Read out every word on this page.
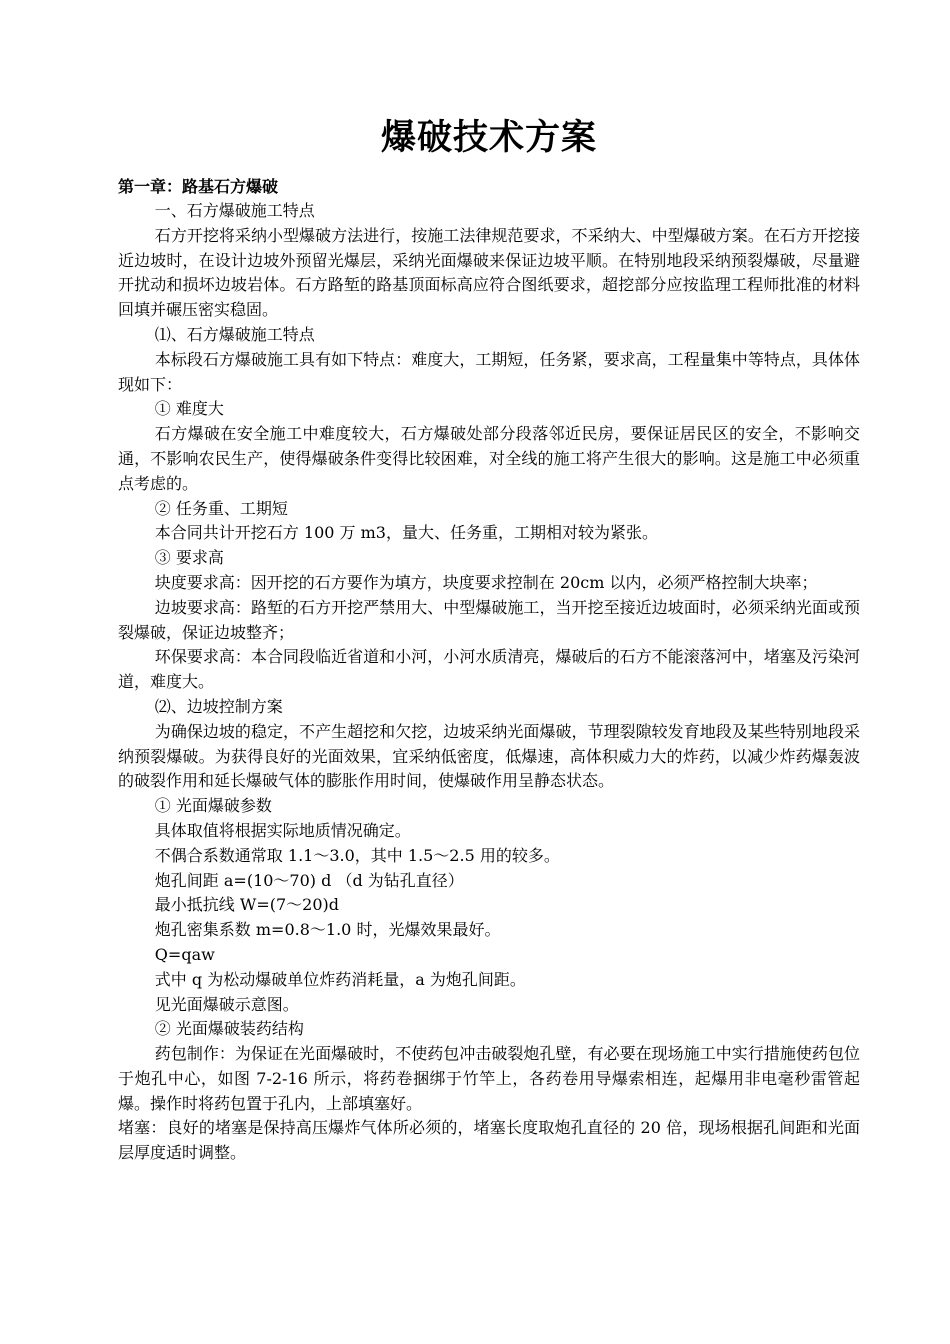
爆破技术方案
第一章：路基石方爆破

一、石方爆破施工特点

石方开挖将采纳小型爆破方法进行，按施工法律规范要求，不采纳大、中型爆破方案。在石方开挖接近边坡时，在设计边坡外预留光爆层，采纳光面爆破来保证边坡平顺。在特别地段采纳预裂爆破，尽量避开扰动和损坏边坡岩体。石方路堑的路基顶面标高应符合图纸要求，超挖部分应按监理工程师批准的材料回填并碾压密实稳固。

⑴、石方爆破施工特点

本标段石方爆破施工具有如下特点：难度大，工期短，任务紧，要求高，工程量集中等特点，具体体现如下：

① 难度大

石方爆破在安全施工中难度较大，石方爆破处部分段落邻近民房，要保证居民区的安全，不影响交通，不影响农民生产，使得爆破条件变得比较困难，对全线的施工将产生很大的影响。这是施工中必须重点考虑的。

② 任务重、工期短

本合同共计开挖石方 100 万 m3，量大、任务重，工期相对较为紧张。

③ 要求高

块度要求高：因开挖的石方要作为填方，块度要求控制在 20cm 以内，必须严格控制大块率；

边坡要求高：路堑的石方开挖严禁用大、中型爆破施工，当开挖至接近边坡面时，必须采纳光面或预裂爆破，保证边坡整齐；

环保要求高：本合同段临近省道和小河，小河水质清亮，爆破后的石方不能滚落河中，堵塞及污染河道，难度大。

⑵、边坡控制方案

为确保边坡的稳定，不产生超挖和欠挖，边坡采纳光面爆破，节理裂隙较发育地段及某些特别地段采纳预裂爆破。为获得良好的光面效果，宜采纳低密度，低爆速，高体积威力大的炸药，以减少炸药爆轰波的破裂作用和延长爆破气体的膨胀作用时间，使爆破作用呈静态状态。

① 光面爆破参数

具体取值将根据实际地质情况确定。

不偶合系数通常取 1.1～3.0，其中 1.5～2.5 用的较多。

炮孔间距 a=(10～70) d （d 为钻孔直径）

最小抵抗线 W=(7～20)d

炮孔密集系数 m=0.8～1.0 时，光爆效果最好。

Q=qaw

式中 q 为松动爆破单位炸药消耗量，a 为炮孔间距。

见光面爆破示意图。

② 光面爆破装药结构

药包制作：为保证在光面爆破时，不使药包冲击破裂炮孔壁，有必要在现场施工中实行措施使药包位于炮孔中心，如图 7-2-16 所示，将药卷捆绑于竹竿上，各药卷用导爆索相连，起爆用非电毫秒雷管起爆。操作时将药包置于孔内，上部填塞好。

堵塞：良好的堵塞是保持高压爆炸气体所必须的，堵塞长度取炮孔直径的 20 倍，现场根据孔间距和光面层厚度适时调整。
